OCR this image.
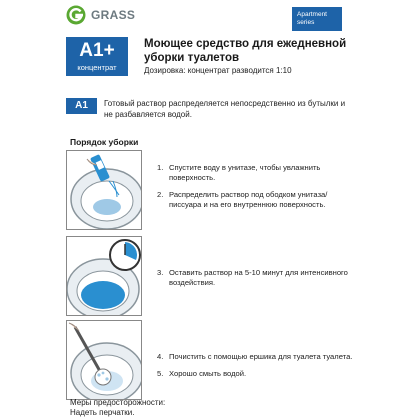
GRASS	Apartment
series
A1+
концентрат
Моющее средство для ежедневной уборки туалетов
Дозировка: концентрат разводится 1:10
A1	Готовый раствор распределяется непосредственно из бутылки и не разбавляется водой.
Порядок уборки
1. Спустите воду в унитазе, чтобы увлажнить поверхность.
2. Распределить раствор под ободком унитаза/писсуара и на его внутреннюю поверхность.
3. Оставить раствор на 5-10 минут для интенсивного воздействия.
4. Почистить с помощью ершика для туалета туалета.
5. Хорошо смыть водой.
Меры предосторожности:
Надеть перчатки.
